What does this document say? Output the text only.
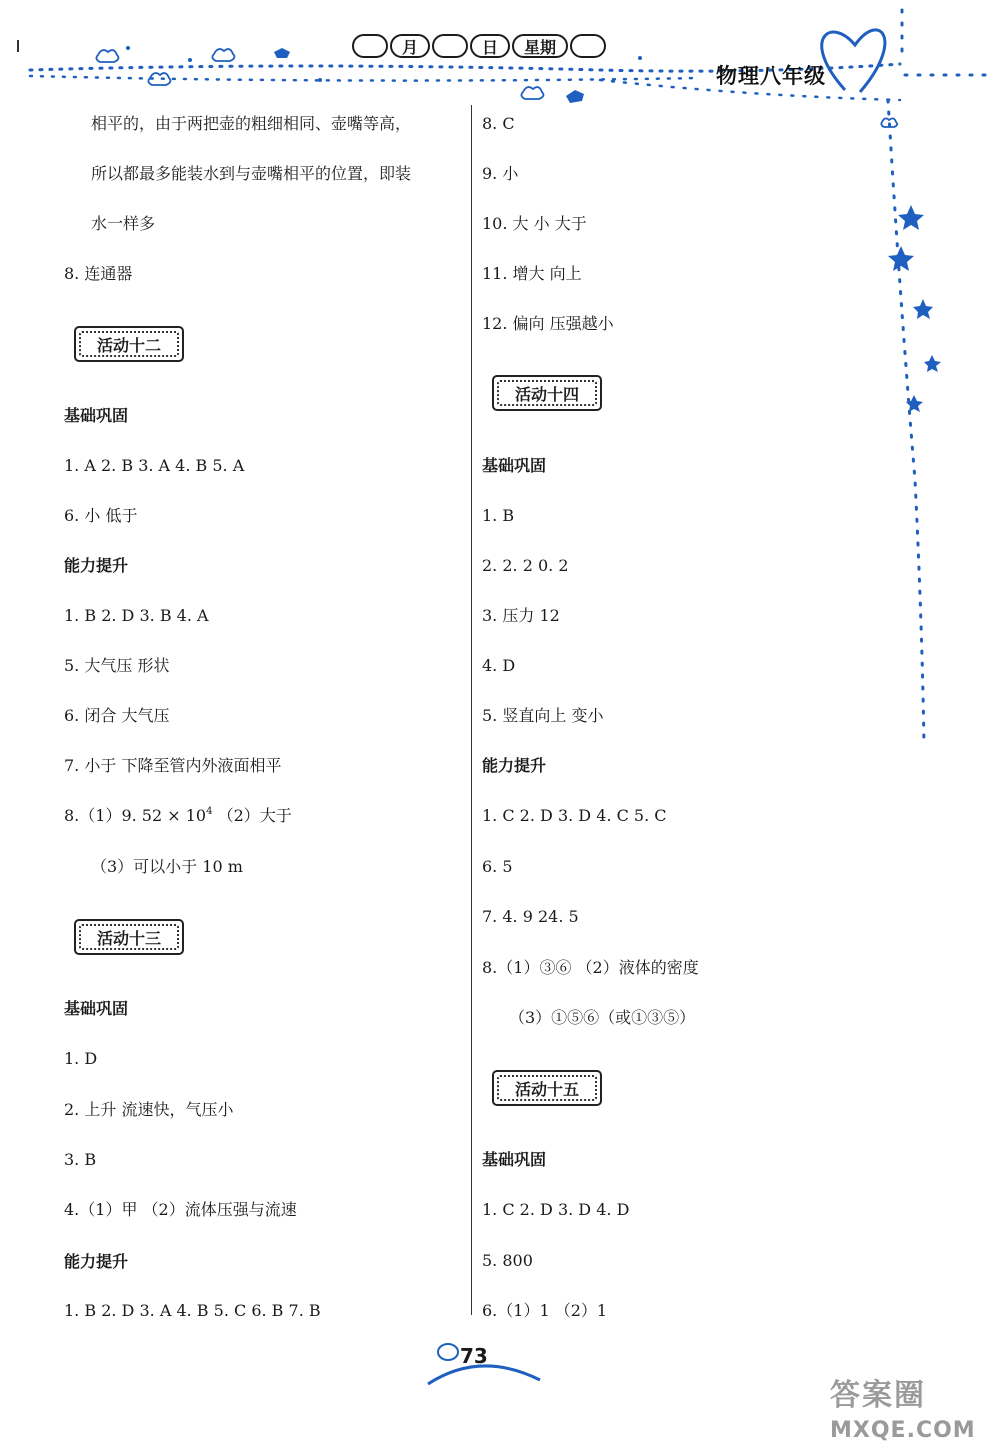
月	日	星期
物理八年级
相平的，由于两把壶的粗细相同、壶嘴等高，
所以都最多能装水到与壶嘴相平的位置，即装
水一样多
8. 连通器
活动十二
基础巩固
1. A 2. B 3. A 4. B 5. A
6. 小 低于
能力提升
1. B 2. D 3. B 4. A
5. 大气压 形状
6. 闭合 大气压
7. 小于 下降至管内外液面相平
8.（1）9. $52 \times 10^4$ （2）大于
（3）可以小于 10 m
活动十三
基础巩固
1. D
2. 上升 流速快，气压小
3. B
4.（1）甲 （2）流体压强与流速
能力提升
1. B 2. D 3. A 4. B 5. C 6. B 7. B
8. C
9. 小
10. 大 小 大于
11. 增大 向上
12. 偏向 压强越小
活动十四
基础巩固
1. B
2. 2. 2 0. 2
3. 压力 12
4. D
5. 竖直向上 变小
能力提升
1. C 2. D 3. D 4. C 5. C
6. 5
7. 4. 9 24. 5
8.（1）③⑥ （2）液体的密度
（3）①⑤⑥（或①③⑤）
活动十五
基础巩固
1. C 2. D 3. D 4. D
5. 800
6.（1）1 （2）1
73
答案圈
MXQE.COM
